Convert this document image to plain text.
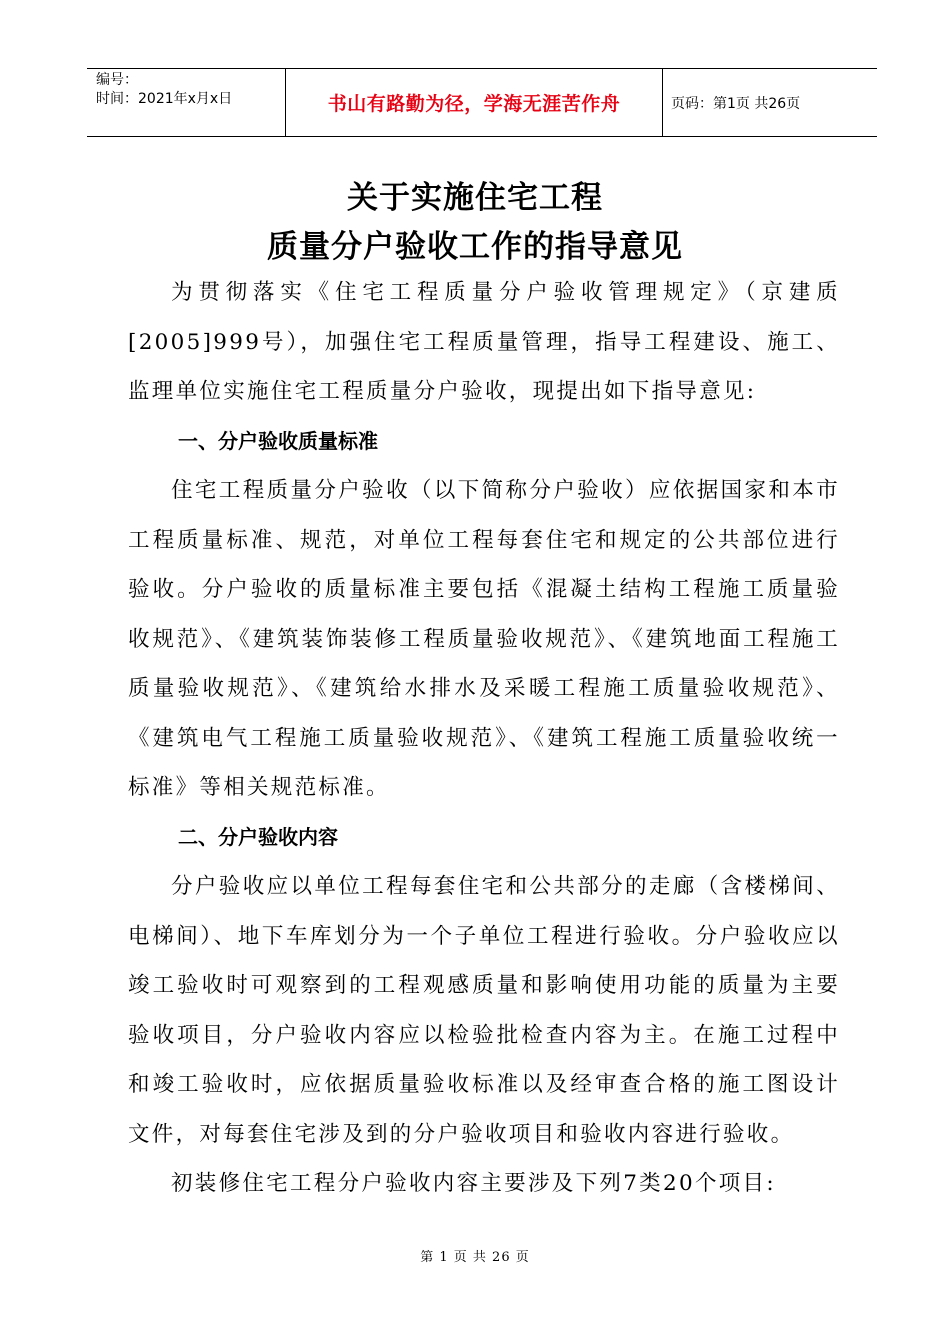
编号：
时间：2021年x月x日	书山有路勤为径，学海无涯苦作舟	页码：第1页 共26页
关于实施住宅工程
质量分户验收工作的指导意见

为贯彻落实《住宅工程质量分户验收管理规定》（京建质[2005]999号），加强住宅工程质量管理，指导工程建设、施工、监理单位实施住宅工程质量分户验收，现提出如下指导意见:

一、分户验收质量标准

住宅工程质量分户验收（以下简称分户验收）应依据国家和本市工程质量标准、规范，对单位工程每套住宅和规定的公共部位进行验收。分户验收的质量标准主要包括《混凝土结构工程施工质量验收规范》、《建筑装饰装修工程质量验收规范》、《建筑地面工程施工质量验收规范》、《建筑给水排水及采暖工程施工质量验收规范》、《建筑电气工程施工质量验收规范》、《建筑工程施工质量验收统一标准》等相关规范标准。

二、分户验收内容

分户验收应以单位工程每套住宅和公共部分的走廊（含楼梯间、电梯间）、地下车库划分为一个子单位工程进行验收。分户验收应以竣工验收时可观察到的工程观感质量和影响使用功能的质量为主要验收项目，分户验收内容应以检验批检查内容为主。在施工过程中和竣工验收时，应依据质量验收标准以及经审查合格的施工图设计文件，对每套住宅涉及到的分户验收项目和验收内容进行验收。

初装修住宅工程分户验收内容主要涉及下列7类20个项目:

第 1 页 共 26 页
